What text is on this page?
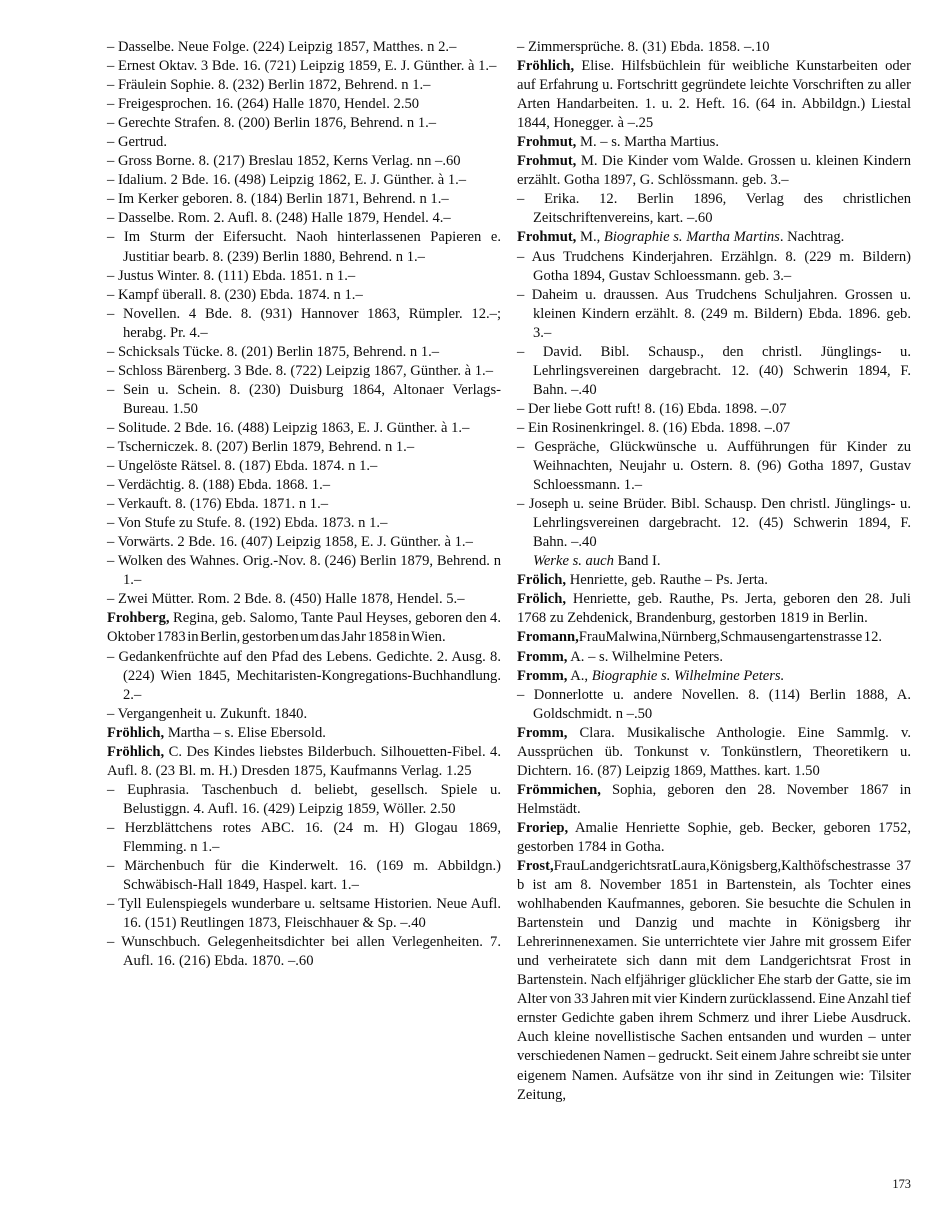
– Dasselbe. Neue Folge. (224) Leipzig 1857, Matthes. n 2.–

– Ernest Oktav. 3 Bde. 16. (721) Leipzig 1859, E. J. Günther. à 1.–

– Fräulein Sophie. 8. (232) Berlin 1872, Behrend. n 1.–

– Freigesprochen. 16. (264) Halle 1870, Hendel. 2.50

– Gerechte Strafen. 8. (200) Berlin 1876, Behrend. n 1.–

– Gertrud.

– Gross Borne. 8. (217) Breslau 1852, Kerns Verlag. nn –.60

– Idalium. 2 Bde. 16. (498) Leipzig 1862, E. J. Günther. à 1.–

– Im Kerker geboren. 8. (184) Berlin 1871, Behrend. n 1.–

– Dasselbe. Rom. 2. Aufl. 8. (248) Halle 1879, Hendel. 4.–

– Im Sturm der Eifersucht. Naoh hinterlassenen Papieren e. Justitiar bearb. 8. (239) Berlin 1880, Behrend. n 1.–

– Justus Winter. 8. (111) Ebda. 1851. n 1.–

– Kampf überall. 8. (230) Ebda. 1874. n 1.–

– Novellen. 4 Bde. 8. (931) Hannover 1863, Rümpler. 12.–; herabg. Pr. 4.–

– Schicksals Tücke. 8. (201) Berlin 1875, Behrend. n 1.–

– Schloss Bärenberg. 3 Bde. 8. (722) Leipzig 1867, Günther. à 1.–

– Sein u. Schein. 8. (230) Duisburg 1864, Altonaer Verlags-Bureau. 1.50

– Solitude. 2 Bde. 16. (488) Leipzig 1863, E. J. Günther. à 1.–

– Tscherniczek. 8. (207) Berlin 1879, Behrend. n 1.–

– Ungelöste Rätsel. 8. (187) Ebda. 1874. n 1.–

– Verdächtig. 8. (188) Ebda. 1868. 1.–

– Verkauft. 8. (176) Ebda. 1871. n 1.–

– Von Stufe zu Stufe. 8. (192) Ebda. 1873. n 1.–

– Vorwärts. 2 Bde. 16. (407) Leipzig 1858, E. J. Günther. à 1.–

– Wolken des Wahnes. Orig.-Nov. 8. (246) Berlin 1879, Behrend. n 1.–

– Zwei Mütter. Rom. 2 Bde. 8. (450) Halle 1878, Hendel. 5.–

Frohberg, Regina, geb. Salomo, Tante Paul Heyses, geboren den 4. Oktober 1783 in Berlin, gestorben um das Jahr 1858 in Wien.

– Gedankenfrüchte auf den Pfad des Lebens. Gedichte. 2. Ausg. 8. (224) Wien 1845, Mechitaristen-Kongregations-Buchhandlung. 2.–

– Vergangenheit u. Zukunft. 1840.

Fröhlich, Martha – s. Elise Ebersold.

Fröhlich, C. Des Kindes liebstes Bilderbuch. Silhouetten-Fibel. 4. Aufl. 8. (23 Bl. m. H.) Dresden 1875, Kaufmanns Verlag. 1.25

– Euphrasia. Taschenbuch d. beliebt, gesellsch. Spiele u. Belustiggn. 4. Aufl. 16. (429) Leipzig 1859, Wöller. 2.50

– Herzblättchens rotes ABC. 16. (24 m. H) Glogau 1869, Flemming. n 1.–

– Märchenbuch für die Kinderwelt. 16. (169 m. Abbildgn.) Schwäbisch-Hall 1849, Haspel. kart. 1.–

– Tyll Eulenspiegels wunderbare u. seltsame Historien. Neue Aufl. 16. (151) Reutlingen 1873, Fleischhauer & Sp. –.40

– Wunschbuch. Gelegenheitsdichter bei allen Verlegenheiten. 7. Aufl. 16. (216) Ebda. 1870. –.60

– Zimmersprüche. 8. (31) Ebda. 1858. –.10

Fröhlich, Elise. Hilfsbüchlein für weibliche Kunstarbeiten oder auf Erfahrung u. Fortschritt gegründete leichte Vorschriften zu aller Arten Handarbeiten. 1. u. 2. Heft. 16. (64 in. Abbildgn.) Liestal 1844, Honegger. à –.25

Frohmut, M. – s. Martha Martius.

Frohmut, M. Die Kinder vom Walde. Grossen u. kleinen Kindern erzählt. Gotha 1897, G. Schlössmann. geb. 3.–

– Erika. 12. Berlin 1896, Verlag des christlichen Zeitschriftenvereins, kart. –.60

Frohmut, M., Biographie s. Martha Martins. Nachtrag.

– Aus Trudchens Kinderjahren. Erzählgn. 8. (229 m. Bildern) Gotha 1894, Gustav Schloessmann. geb. 3.–

– Daheim u. draussen. Aus Trudchens Schuljahren. Grossen u. kleinen Kindern erzählt. 8. (249 m. Bildern) Ebda. 1896. geb. 3.–

– David. Bibl. Schausp., den christl. Jünglings- u. Lehrlingsvereinen dargebracht. 12. (40) Schwerin 1894, F. Bahn. –.40

– Der liebe Gott ruft! 8. (16) Ebda. 1898. –.07

– Ein Rosinenkringel. 8. (16) Ebda. 1898. –.07

– Gespräche, Glückwünsche u. Aufführungen für Kinder zu Weihnachten, Neujahr u. Ostern. 8. (96) Gotha 1897, Gustav Schloessmann. 1.–

– Joseph u. seine Brüder. Bibl. Schausp. Den christl. Jünglings- u. Lehrlingsvereinen dargebracht. 12. (45) Schwerin 1894, F. Bahn. –.40

Werke s. auch Band I.

Frölich, Henriette, geb. Rauthe – Ps. Jerta.

Frölich, Henriette, geb. Rauthe, Ps. Jerta, geboren den 28. Juli 1768 zu Zehdenick, Brandenburg, gestorben 1819 in Berlin.

Fromann,FrauMalwina,Nürnberg,Schmausengartenstrasse 12.

Fromm, A. – s. Wilhelmine Peters.

Fromm, A., Biographie s. Wilhelmine Peters.

– Donnerlotte u. andere Novellen. 8. (114) Berlin 1888, A. Goldschmidt. n –.50

Fromm, Clara. Musikalische Anthologie. Eine Sammlg. v. Aussprüchen üb. Tonkunst v. Tonkünstlern, Theoretikern u. Dichtern. 16. (87) Leipzig 1869, Matthes. kart. 1.50

Frömmichen, Sophia, geboren den 28. November 1867 in Helmstädt.

Froriep, Amalie Henriette Sophie, geb. Becker, geboren 1752, gestorben 1784 in Gotha.

Frost,FrauLandgerichtsratLaura,Königsberg,Kalthöfschestrasse 37 b ist am 8. November 1851 in Bartenstein, als Tochter eines wohlhabenden Kaufmannes, geboren. Sie besuchte die Schulen in Bartenstein und Danzig und machte in Königsberg ihr Lehrerinnenexamen. Sie unterrichtete vier Jahre mit grossem Eifer und verheiratete sich dann mit dem Landgerichtsrat Frost in Bartenstein. Nach elfjähriger glücklicher Ehe starb der Gatte, sie im Alter von 33 Jahren mit vier Kindern zurücklassend. Eine Anzahl tief ernster Gedichte gaben ihrem Schmerz und ihrer Liebe Ausdruck. Auch kleine novellistische Sachen entsanden und wurden – unter verschiedenen Namen – gedruckt. Seit einem Jahre schreibt sie unter eigenem Namen. Aufsätze von ihr sind in Zeitungen wie: Tilsiter Zeitung,

173
